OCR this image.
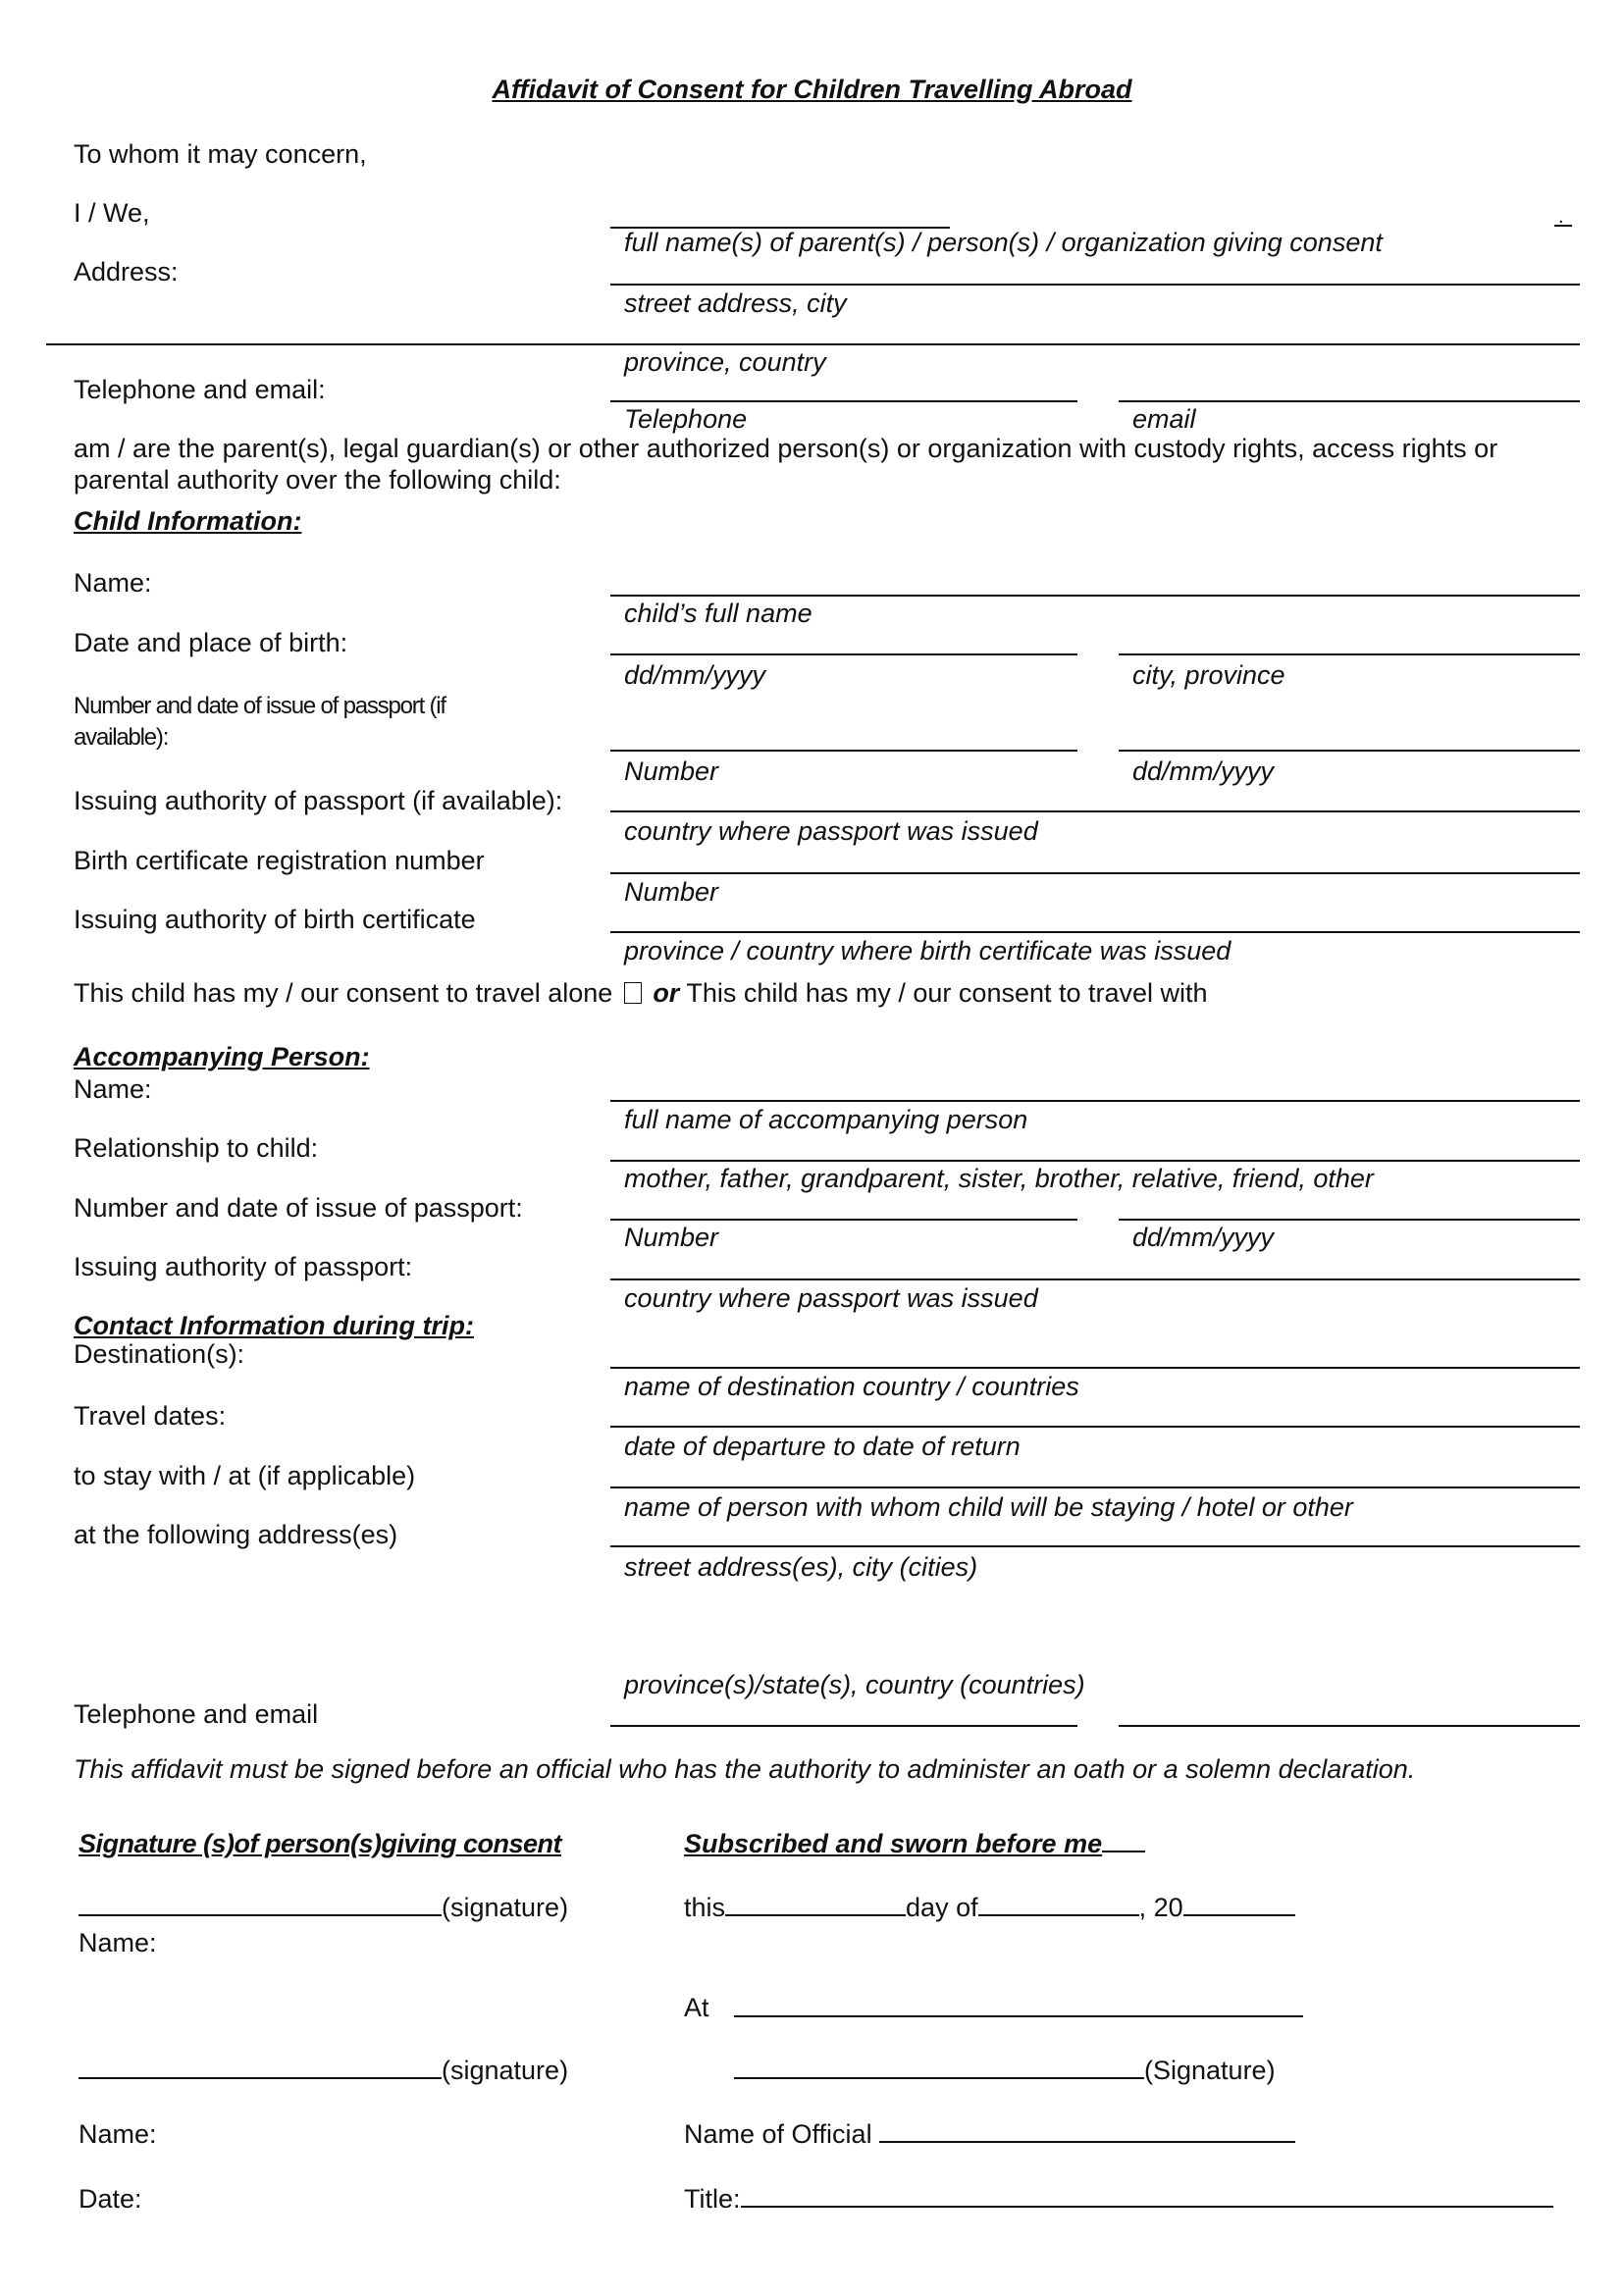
Affidavit of Consent for Children Travelling Abroad
To whom it may concern,
I / We,	.
full name(s) of parent(s) / person(s) / organization giving consent
Address:
street address, city
province, country
Telephone and email:
Telephone	email
am / are the parent(s), legal guardian(s) or other authorized person(s) or organization with custody rights, access rights or
parental authority over the following child:
Child Information:
Name:
child’s full name
Date and place of birth:
dd/mm/yyyy	city, province
Number and date of issue of passport (if
available):
Number	dd/mm/yyyy
Issuing authority of passport (if available):
country where passport was issued
Birth certificate registration number
Number
Issuing authority of birth certificate
province / country where birth certificate was issued
This child has my / our consent to travel alone or This child has my / our consent to travel with
Accompanying Person:
Name:
full name of accompanying person
Relationship to child:
mother, father, grandparent, sister, brother, relative, friend, other
Number and date of issue of passport:
Number	dd/mm/yyyy
Issuing authority of passport:
country where passport was issued
Contact Information during trip:
Destination(s):
name of destination country / countries
Travel dates:
date of departure to date of return
to stay with / at (if applicable)
name of person with whom child will be staying / hotel or other
at the following address(es)
street address(es), city (cities)
province(s)/state(s), country (countries)
Telephone and email
This affidavit must be signed before an official who has the authority to administer an oath or a solemn declaration.
Signature (s)of person(s)giving consent	Subscribed and sworn before me
(signature)	this	day of	, 20
Name:
At
(signature)	(Signature)
Name:	Name of Official
Date:	Title:
